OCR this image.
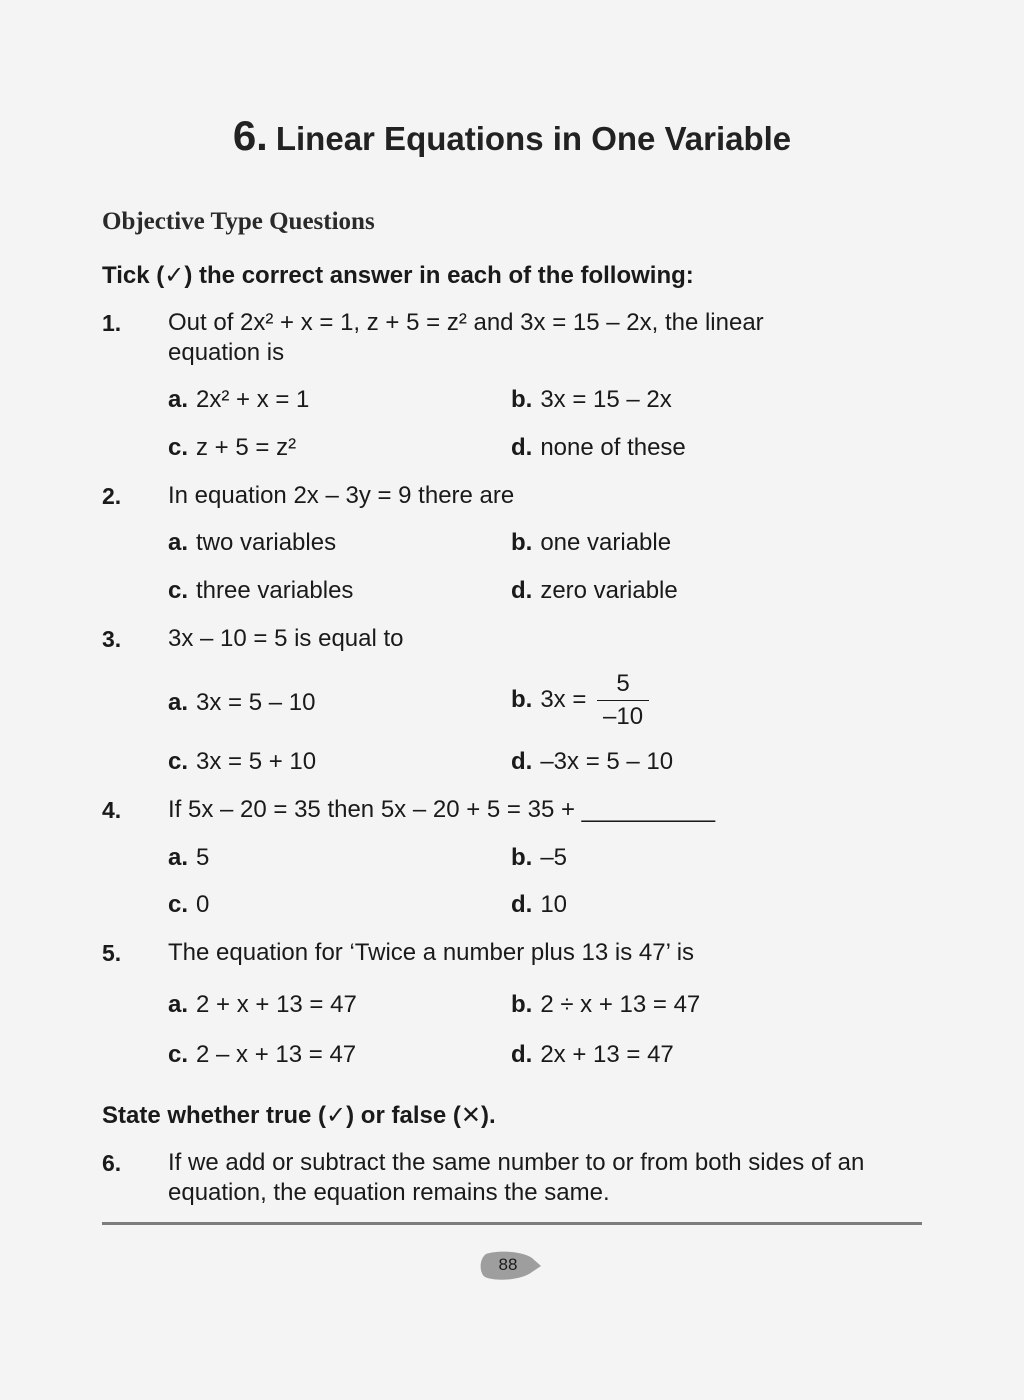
6. Linear Equations in One Variable
Objective Type Questions
Tick (✓) the correct answer in each of the following:
1. Out of 2x² + x = 1, z + 5 = z² and 3x = 15 – 2x, the linear equation is
a. 2x² + x = 1	b. 3x = 15 – 2x
c. z + 5 = z²	d. none of these
2. In equation 2x – 3y = 9 there are
a. two variables	b. one variable
c. three variables	d. zero variable
3. 3x – 10 = 5 is equal to
a. 3x = 5 – 10	b. $3x = \frac{5}{-10}$
c. 3x = 5 + 10	d. –3x = 5 – 10
4. If 5x – 20 = 35 then 5x – 20 + 5 = 35 + __________
a. 5	b. –5
c. 0	d. 10
5. The equation for ‘Twice a number plus 13 is 47’ is
a. 2 + x + 13 = 47	b. 2 ÷ x + 13 = 47
c. 2 – x + 13 = 47	d. 2x + 13 = 47
State whether true (✓) or false (✕).
6. If we add or subtract the same number to or from both sides of an equation, the equation remains the same.
88
